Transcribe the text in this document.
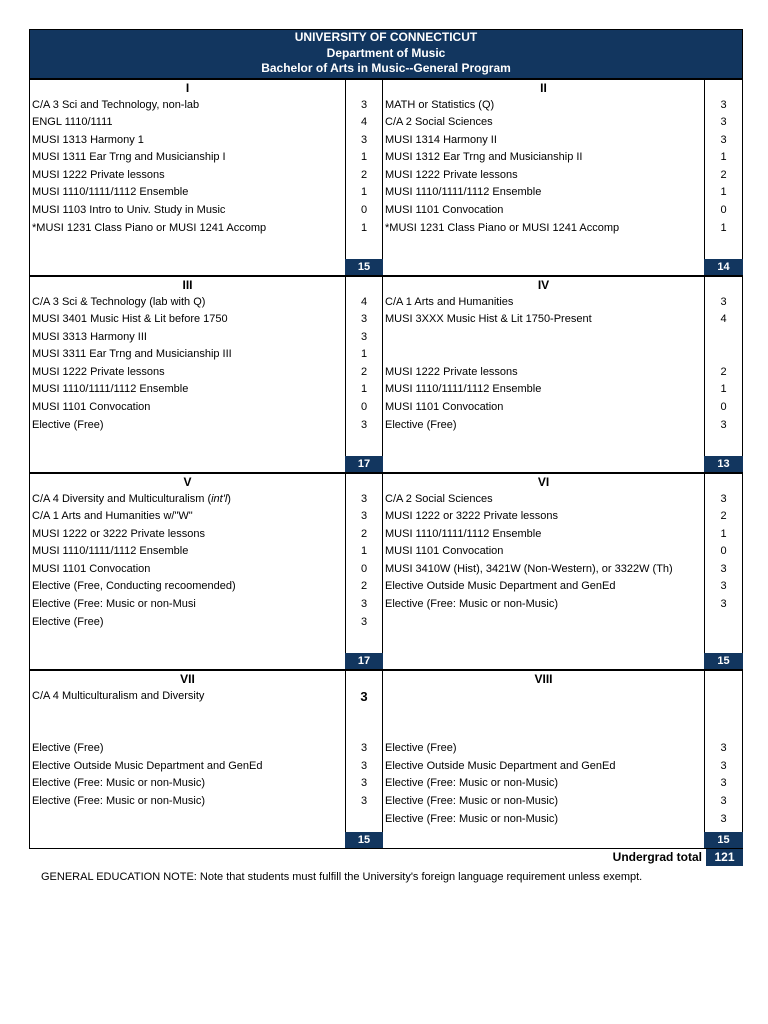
UNIVERSITY OF CONNECTICUT
Department of Music
Bachelor of Arts in Music--General Program
I
C/A 3 Sci and Technology, non-lab
ENGL 1110/1111
MUSI 1313 Harmony 1
MUSI 1311 Ear Trng and Musicianship I
MUSI 1222 Private lessons
MUSI 1110/1111/1112 Ensemble
MUSI 1103 Intro to Univ. Study in Music
*MUSI 1231 Class Piano or MUSI 1241 Accomp
3
4
3
1
2
1
0
1
15
II
MATH or Statistics (Q)
C/A 2 Social Sciences
MUSI 1314 Harmony II
MUSI 1312 Ear Trng and Musicianship II
MUSI 1222 Private lessons
MUSI 1110/1111/1112 Ensemble
MUSI 1101 Convocation
*MUSI 1231 Class Piano or MUSI 1241 Accomp
3
3
3
1
2
1
0
1
14
III
C/A 3 Sci & Technology (lab with Q)
MUSI 3401 Music Hist & Lit before 1750
MUSI 3313 Harmony III
MUSI 3311 Ear Trng and Musicianship III
MUSI 1222 Private lessons
MUSI 1110/1111/1112 Ensemble
MUSI 1101 Convocation
Elective (Free)
4
3
3
1
2
1
0
3
17
IV
C/A 1 Arts and Humanities
MUSI 3XXX Music Hist & Lit 1750-Present
MUSI 1222 Private lessons
MUSI 1110/1111/1112 Ensemble
MUSI 1101 Convocation
Elective (Free)
3
4
2
1
0
3
13
V
C/A 4 Diversity and Multiculturalism (int'l)
C/A 1 Arts and Humanities w/"W"
MUSI 1222 or 3222 Private lessons
MUSI 1110/1111/1112 Ensemble
MUSI 1101 Convocation
Elective (Free, Conducting recoomended)
Elective (Free: Music or non-Musi
Elective (Free)
3
3
2
1
0
2
3
3
17
VI
C/A 2 Social Sciences
MUSI 1222 or 3222 Private lessons
MUSI 1110/1111/1112 Ensemble
MUSI 1101 Convocation
MUSI 3410W (Hist), 3421W (Non-Western), or 3322W (Th)
Elective Outside Music Department and GenEd
Elective (Free: Music or non-Music)
3
2
1
0
3
3
3
15
VII
C/A 4 Multiculturalism and Diversity
Elective (Free)
Elective Outside Music Department and GenEd
Elective (Free: Music or non-Music)
Elective (Free: Music or non-Music)
3
3
3
3
3
15
VIII
Elective (Free)
Elective Outside Music Department and GenEd
Elective (Free: Music or non-Music)
Elective (Free: Music or non-Music)
Elective (Free: Music or non-Music)
3
3
3
3
3
15
Undergrad total	121
GENERAL EDUCATION NOTE: Note that students must fulfill the University's foreign language requirement unless exempt.
